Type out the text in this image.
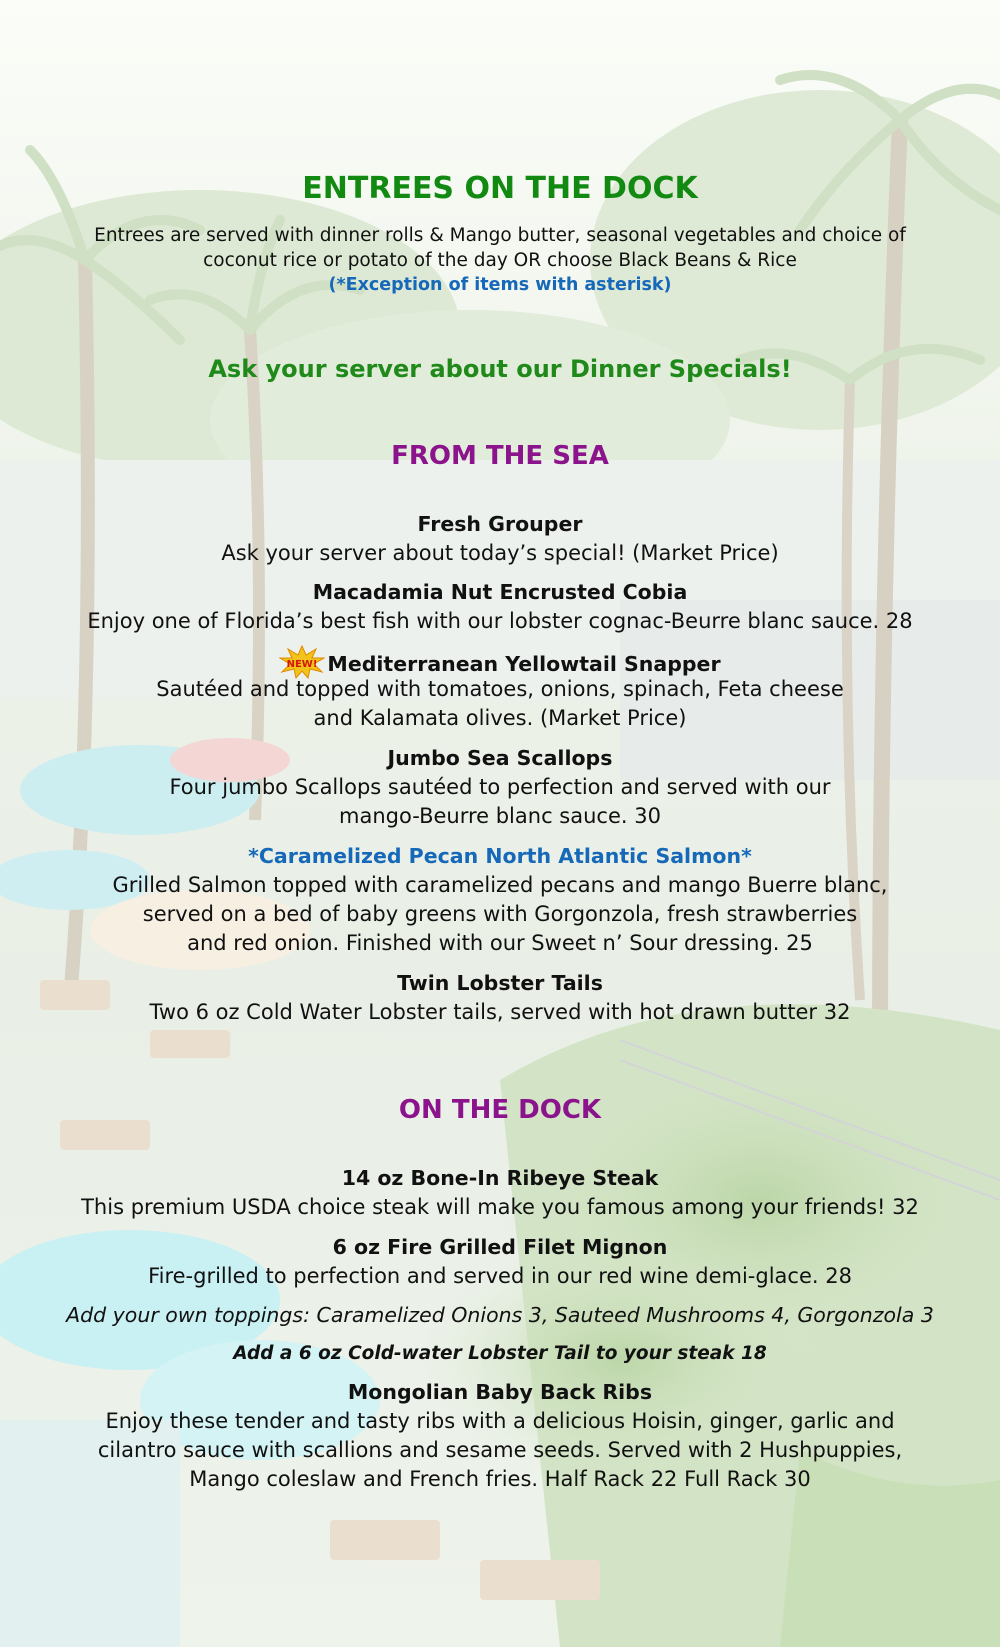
ENTREES ON THE DOCK
Entrees are served with dinner rolls & Mango butter, seasonal vegetables and choice of
coconut rice or potato of the day OR choose Black Beans & Rice
(*Exception of items with asterisk)
Ask your server about our Dinner Specials!
FROM THE SEA
Fresh Grouper
Ask your server about today’s special! (Market Price)
Macadamia Nut Encrusted Cobia
Enjoy one of Florida’s best fish with our lobster cognac-Beurre blanc sauce. 28
NEW! Mediterranean Yellowtail Snapper
Sautéed and topped with tomatoes, onions, spinach, Feta cheese
and Kalamata olives. (Market Price)
Jumbo Sea Scallops
Four jumbo Scallops sautéed to perfection and served with our
mango-Beurre blanc sauce. 30
*Caramelized Pecan North Atlantic Salmon*
Grilled Salmon topped with caramelized pecans and mango Buerre blanc,
served on a bed of baby greens with Gorgonzola, fresh strawberries
and red onion. Finished with our Sweet n’ Sour dressing. 25
Twin Lobster Tails
Two 6 oz Cold Water Lobster tails, served with hot drawn butter 32
ON THE DOCK
14 oz Bone-In Ribeye Steak
This premium USDA choice steak will make you famous among your friends! 32
6 oz Fire Grilled Filet Mignon
Fire-grilled to perfection and served in our red wine demi-glace. 28
Add your own toppings: Caramelized Onions 3, Sauteed Mushrooms 4, Gorgonzola 3
Add a 6 oz Cold-water Lobster Tail to your steak 18
Mongolian Baby Back Ribs
Enjoy these tender and tasty ribs with a delicious Hoisin, ginger, garlic and
cilantro sauce with scallions and sesame seeds. Served with 2 Hushpuppies,
Mango coleslaw and French fries. Half Rack 22 Full Rack 30
